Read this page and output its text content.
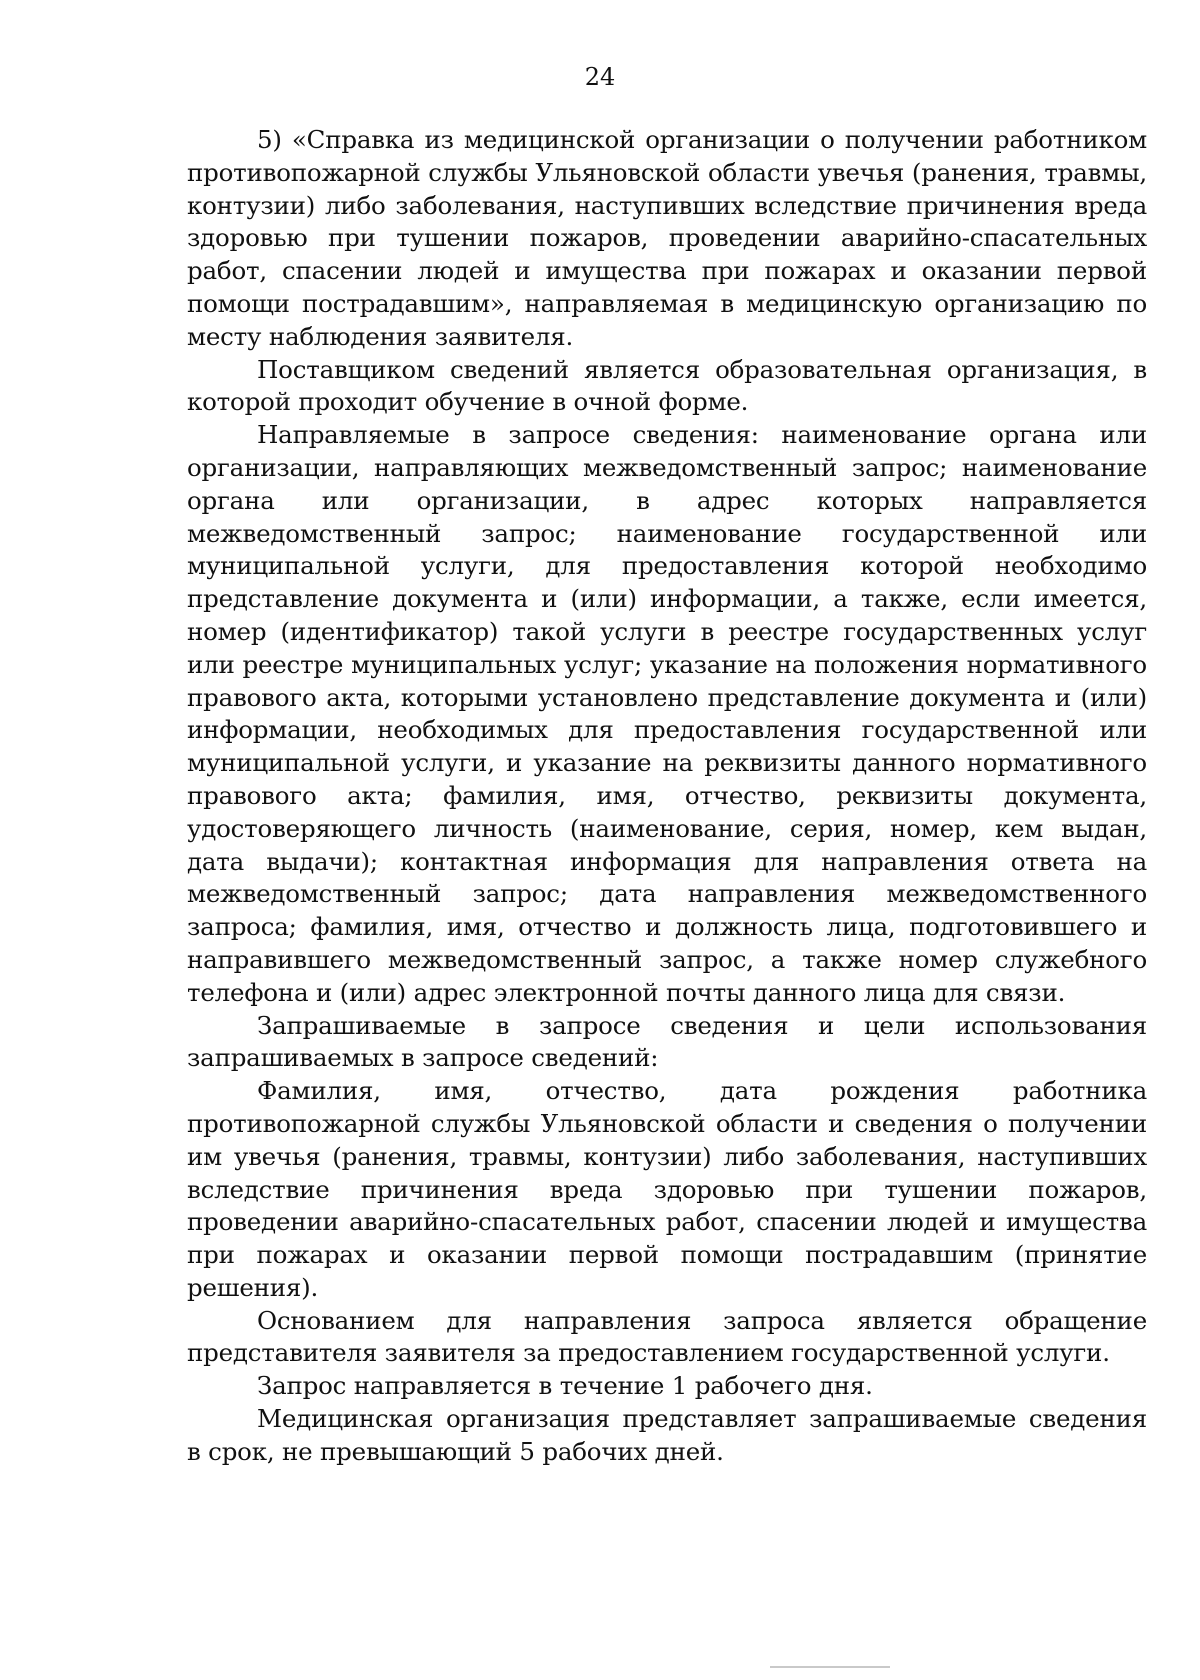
24

5) «Справка из медицинской организации о получении работником противопожарной службы Ульяновской области увечья (ранения, травмы, контузии) либо заболевания, наступивших вследствие причинения вреда здоровью при тушении пожаров, проведении аварийно-спасательных работ, спасении людей и имущества при пожарах и оказании первой помощи пострадавшим», направляемая в медицинскую организацию по месту наблюдения заявителя.

Поставщиком сведений является образовательная организация, в которой проходит обучение в очной форме.

Направляемые в запросе сведения: наименование органа или организации, направляющих межведомственный запрос; наименование органа или организации, в адрес которых направляется межведомственный запрос; наименование государственной или муниципальной услуги, для предоставления которой необходимо представление документа и (или) информации, а также, если имеется, номер (идентификатор) такой услуги в реестре государственных услуг или реестре муниципальных услуг; указание на положения нормативного правового акта, которыми установлено представление документа и (или) информации, необходимых для предоставления государственной или муниципальной услуги, и указание на реквизиты данного нормативного правового акта; фамилия, имя, отчество, реквизиты документа, удостоверяющего личность (наименование, серия, номер, кем выдан, дата выдачи); контактная информация для направления ответа на межведомственный запрос; дата направления межведомственного запроса; фамилия, имя, отчество и должность лица, подготовившего и направившего межведомственный запрос, а также номер служебного телефона и (или) адрес электронной почты данного лица для связи.

Запрашиваемые в запросе сведения и цели использования запрашиваемых в запросе сведений:

Фамилия, имя, отчество, дата рождения работника противопожарной службы Ульяновской области и сведения о получении им увечья (ранения, травмы, контузии) либо заболевания, наступивших вследствие причинения вреда здоровью при тушении пожаров, проведении аварийно-спасательных работ, спасении людей и имущества при пожарах и оказании первой помощи пострадавшим (принятие решения).

Основанием для направления запроса является обращение представителя заявителя за предоставлением государственной услуги.

Запрос направляется в течение 1 рабочего дня.

Медицинская организация представляет запрашиваемые сведения в срок, не превышающий 5 рабочих дней.
